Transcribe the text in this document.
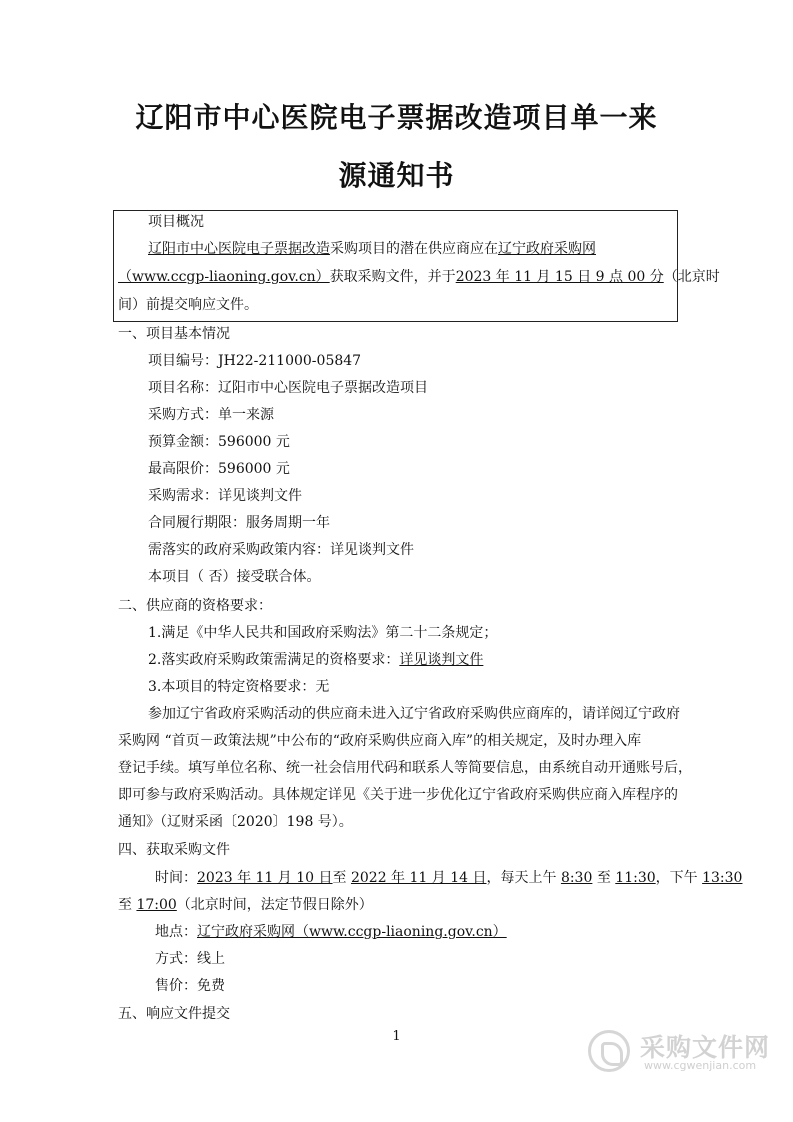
辽阳市中心医院电子票据改造项目单一来
源通知书
项目概况
辽阳市中心医院电子票据改造采购项目的潜在供应商应在辽宁政府采购网
（www.ccgp-liaoning.gov.cn）获取采购文件，并于2023 年 11 月 15 日 9 点 00 分（北京时
间）前提交响应文件。
一、项目基本情况
项目编号：JH22-211000-05847
项目名称：辽阳市中心医院电子票据改造项目
采购方式：单一来源
预算金额：596000 元
最高限价：596000 元
采购需求：详见谈判文件
合同履行期限：服务周期一年
需落实的政府采购政策内容：详见谈判文件
本项目（ 否）接受联合体。
二、供应商的资格要求：
1.满足《中华人民共和国政府采购法》第二十二条规定；
2.落实政府采购政策需满足的资格要求：详见谈判文件
3.本项目的特定资格要求：无
参加辽宁省政府采购活动的供应商未进入辽宁省政府采购供应商库的，请详阅辽宁政府
采购网 “首页－政策法规”中公布的“政府采购供应商入库”的相关规定，及时办理入库
登记手续。填写单位名称、统一社会信用代码和联系人等简要信息，由系统自动开通账号后，
即可参与政府采购活动。具体规定详见《关于进一步优化辽宁省政府采购供应商入库程序的
通知》（辽财采函〔2020〕198 号）。
四、获取采购文件
时间：2023 年 11 月 10 日至 2022 年 11 月 14 日，每天上午 8:30 至 11:30，下午 13:30
至 17:00（北京时间，法定节假日除外）
地点：辽宁政府采购网（www.ccgp-liaoning.gov.cn）
方式：线上
售价：免费
五、响应文件提交
1	采购文件网
www.cgwenjian.com
